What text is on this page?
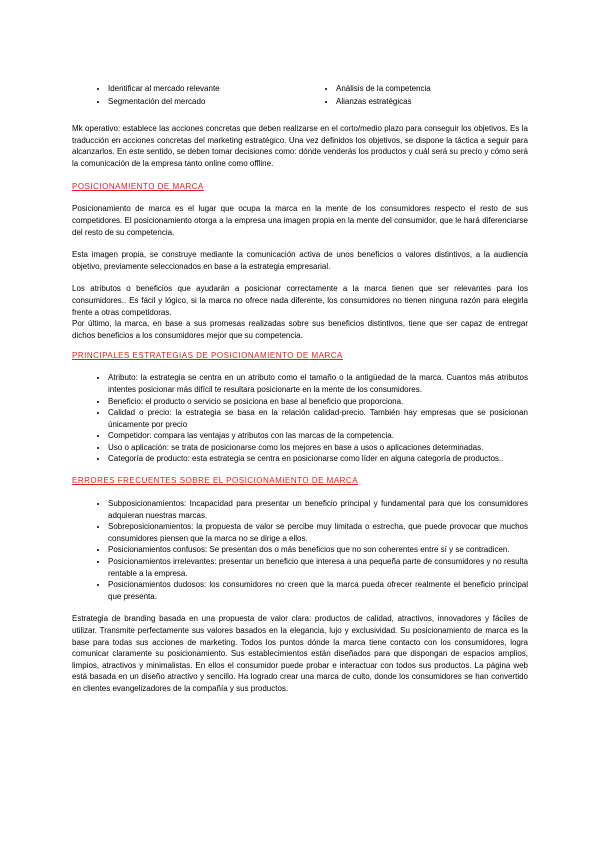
• Identificar al mercado relevante
• Segmentación del mercado
• Análisis de la competencia
• Alianzas estratégicas

Mk operativo: establece las acciones concretas que deben realizarse en el corto/medio plazo para conseguir los objetivos. Es la traducción en acciones concretas del marketing estratégico. Una vez definidos los objetivos, se dispone la táctica a seguir para alcanzarlos. En este sentido, se deben tomar decisiones como: dónde venderás los productos y cuál será su precio y cómo será la comunicación de la empresa tanto online como offline.

POSICIONAMIENTO DE MARCA

Posicionamiento de marca es el lugar que ocupa la marca en la mente de los consumidores respecto el resto de sus competidores. El posicionamiento otorga a la empresa una imagen propia en la mente del consumidor, que le hará diferenciarse del resto de su competencia.

Esta imagen propia, se construye mediante la comunicación activa de unos beneficios o valores distintivos, a la audiencia objetivo, previamente seleccionados en base a la estrategia empresarial.

Los atributos o beneficios que ayudarán a posicionar correctamente a la marca tienen que ser relevantes para los consumidores.. Es fácil y lógico, si la marca no ofrece nada diferente, los consumidores no tienen ninguna razón para elegirla frente a otras competidoras.

Por último, la marca, en base a sus promesas realizadas sobre sus beneficios distintivos, tiene que ser capaz de entregar dichos beneficios a los consumidores mejor que su competencia.

PRINCIPALES ESTRATEGIAS DE POSICIONAMIENTO DE MARCA
• Atributo: la estrategia se centra en un atributo como el tamaño o la antigüedad de la marca. Cuantos más atributos intentes posicionar más difícil te resultara posicionarte en la mente de los consumidores.
• Beneficio: el producto o servicio se posiciona en base al beneficio que proporciona.
• Calidad o precio: la estrategia se basa en la relación calidad-precio. También hay empresas que se posicionan únicamente por precio
• Competidor: compara las ventajas y atributos con las marcas de la competencia.
• Uso o aplicación: se trata de posicionarse como los mejores en base a usos o aplicaciones determinadas.
• Categoría de producto: esta estrategia se centra en posicionarse como líder en alguna categoría de productos..
ERRORES FRECUENTES SOBRE EL POSICIONAMIENTO DE MARCA
• Subposicionamientos: Incapacidad para presentar un beneficio principal y fundamental para que los consumidores adquieran nuestras marcas.
• Sobreposicionamientos: la propuesta de valor se percibe muy limitada o estrecha, que puede provocar que muchos consumidores piensen que la marca no se dirige a ellos.
• Posicionamientos confusos: Se presentan dos o más beneficios que no son coherentes entre sí y se contradicen.
• Posicionamientos irrelevantes: presentar un beneficio que interesa a una pequeña parte de consumidores y no resulta rentable a la empresa.
• Posicionamientos dudosos: los consumidores no creen que la marca pueda ofrecer realmente el beneficio principal que presenta.

Estrategia de branding basada en una propuesta de valor clara: productos de calidad, atractivos, innovadores y fáciles de utilizar. Transmite perfectamente sus valores basados en la elegancia, lujo y exclusividad. Su posicionamiento de marca es la base para todas sus acciones de marketing. Todos los puntos dónde la marca tiene contacto con los consumidores, logra comunicar claramente su posicionamiento. Sus establecimientos están diseñados para que dispongan de espacios amplios, limpios, atractivos y minimalistas. En ellos el consumidor puede probar e interactuar con todos sus productos. La página web está basada en un diseño atractivo y sencillo. Ha logrado crear una marca de culto, donde los consumidores se han convertido en clientes evangelizadores de la compañía y sus productos.
